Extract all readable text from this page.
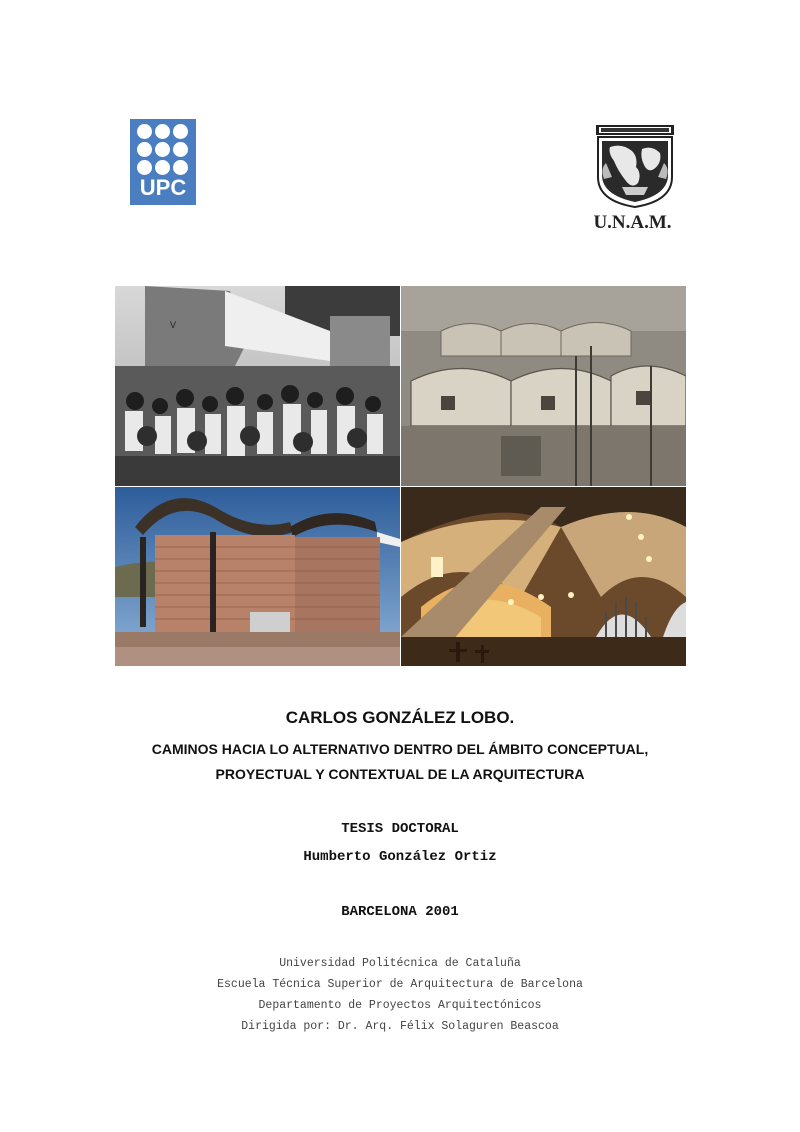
UPC
U.N.A.M.
V
CARLOS GONZÁLEZ LOBO.
CAMINOS HACIA LO ALTERNATIVO DENTRO DEL ÁMBITO CONCEPTUAL,
PROYECTUAL Y CONTEXTUAL DE LA ARQUITECTURA
TESIS DOCTORAL
Humberto González Ortiz
BARCELONA 2001
Universidad Politécnica de Cataluña
Escuela Técnica Superior de Arquitectura de Barcelona
Departamento de Proyectos Arquitectónicos
Dirigida por: Dr. Arq. Félix Solaguren Beascoa
